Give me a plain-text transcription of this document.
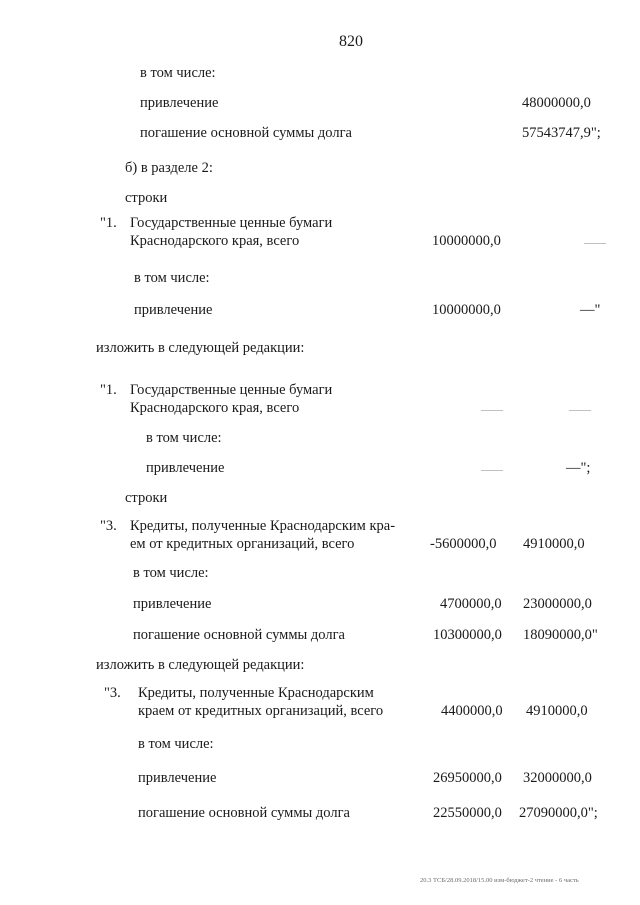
820
в том числе:
привлечение	48000000,0
погашение основной суммы долга	57543747,9";
б) в разделе 2:
строки
"1. Государственные ценные бумаги
Краснодарского края, всего	10000000,0	——
в том числе:
привлечение	10000000,0	—"
изложить в следующей редакции:
"1. Государственные ценные бумаги
Краснодарского края, всего	——	——
в том числе:
привлечение	——	—";
строки
"3. Кредиты, полученные Краснодарским кра-
ем от кредитных организаций, всего	-5600000,0 4910000,0
в том числе:
привлечение	4700000,0 23000000,0
погашение основной суммы долга	10300000,0 18090000,0"
изложить в следующей редакции:
"3. Кредиты, полученные Краснодарским
краем от кредитных организаций, всего	4400000,0 4910000,0
в том числе:
привлечение	26950000,0 32000000,0
погашение основной суммы долга	22550000,0 27090000,0";
20.3 ТСБ/28.09.2018/15.00 изм-бюджет-2 чтение - 6 часть
